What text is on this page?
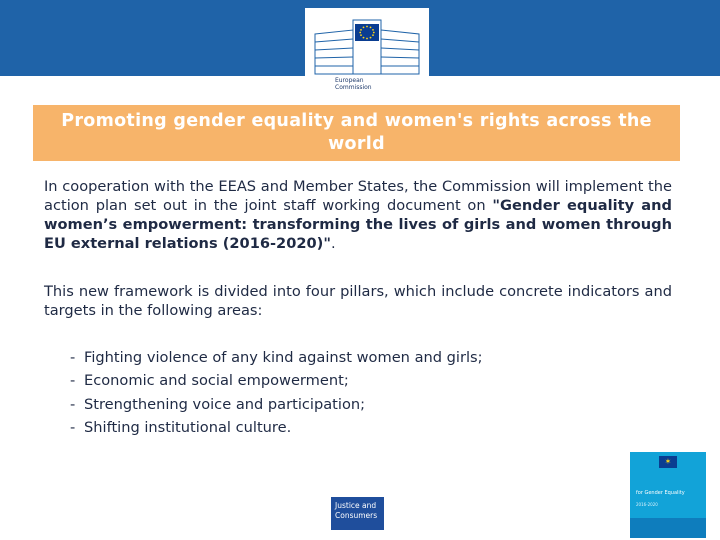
European
Commission
Promoting gender equality and women's rights across the world

In cooperation with the EEAS and Member States, the Commission will implement the action plan set out in the joint staff working document on "Gender equality and women’s empowerment: transforming the lives of girls and women through EU external relations (2016-2020)".

This new framework is divided into four pillars, which include concrete indicators and targets in the following areas:

- Fighting violence of any kind against women and girls;
- Economic and social empowerment;
- Strengthening voice and participation;
- Shifting institutional culture.
Justice and
Consumers
✶
for Gender Equality
2016-2020
